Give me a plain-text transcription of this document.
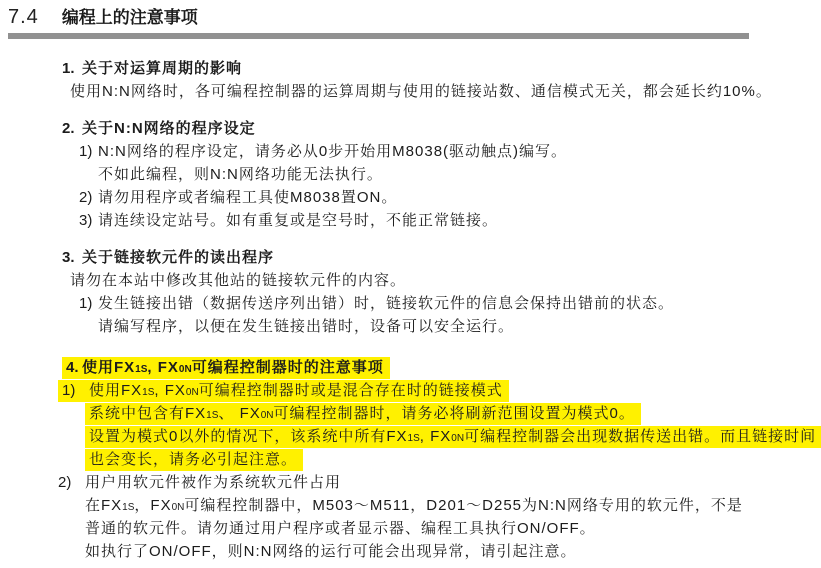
7.4 编程上的注意事项
1. 关于对运算周期的影响
使用N:N网络时，各可编程控制器的运算周期与使用的链接站数、通信模式无关，都会延长约10%。
2. 关于N:N网络的程序设定
1) N:N网络的程序设定，请务必从0步开始用M8038(驱动触点)编写。
不如此编程，则N:N网络功能无法执行。
2) 请勿用程序或者编程工具使M8038置ON。
3) 请连续设定站号。如有重复或是空号时，不能正常链接。
3. 关于链接软元件的读出程序
请勿在本站中修改其他站的链接软元件的内容。
1) 发生链接出错（数据传送序列出错）时，链接软元件的信息会保持出错前的状态。
请编写程序，以便在发生链接出错时，设备可以安全运行。
4. 使用FX1S, FX0N可编程控制器时的注意事项
1) 使用FX1S, FX0N可编程控制器时或是混合存在时的链接模式
系统中包含有FX1S、 FX0N可编程控制器时，请务必将刷新范围设置为模式0。
设置为模式0以外的情况下，该系统中所有FX1S, FX0N可编程控制器会出现数据传送出错。而且链接时间
也会变长，请务必引起注意。
2) 用户用软元件被作为系统软元件占用
在FX1S，FX0N可编程控制器中，M503～M511，D201～D255为N:N网络专用的软元件，不是
普通的软元件。请勿通过用户程序或者显示器、编程工具执行ON/OFF。
如执行了ON/OFF，则N:N网络的运行可能会出现异常，请引起注意。
